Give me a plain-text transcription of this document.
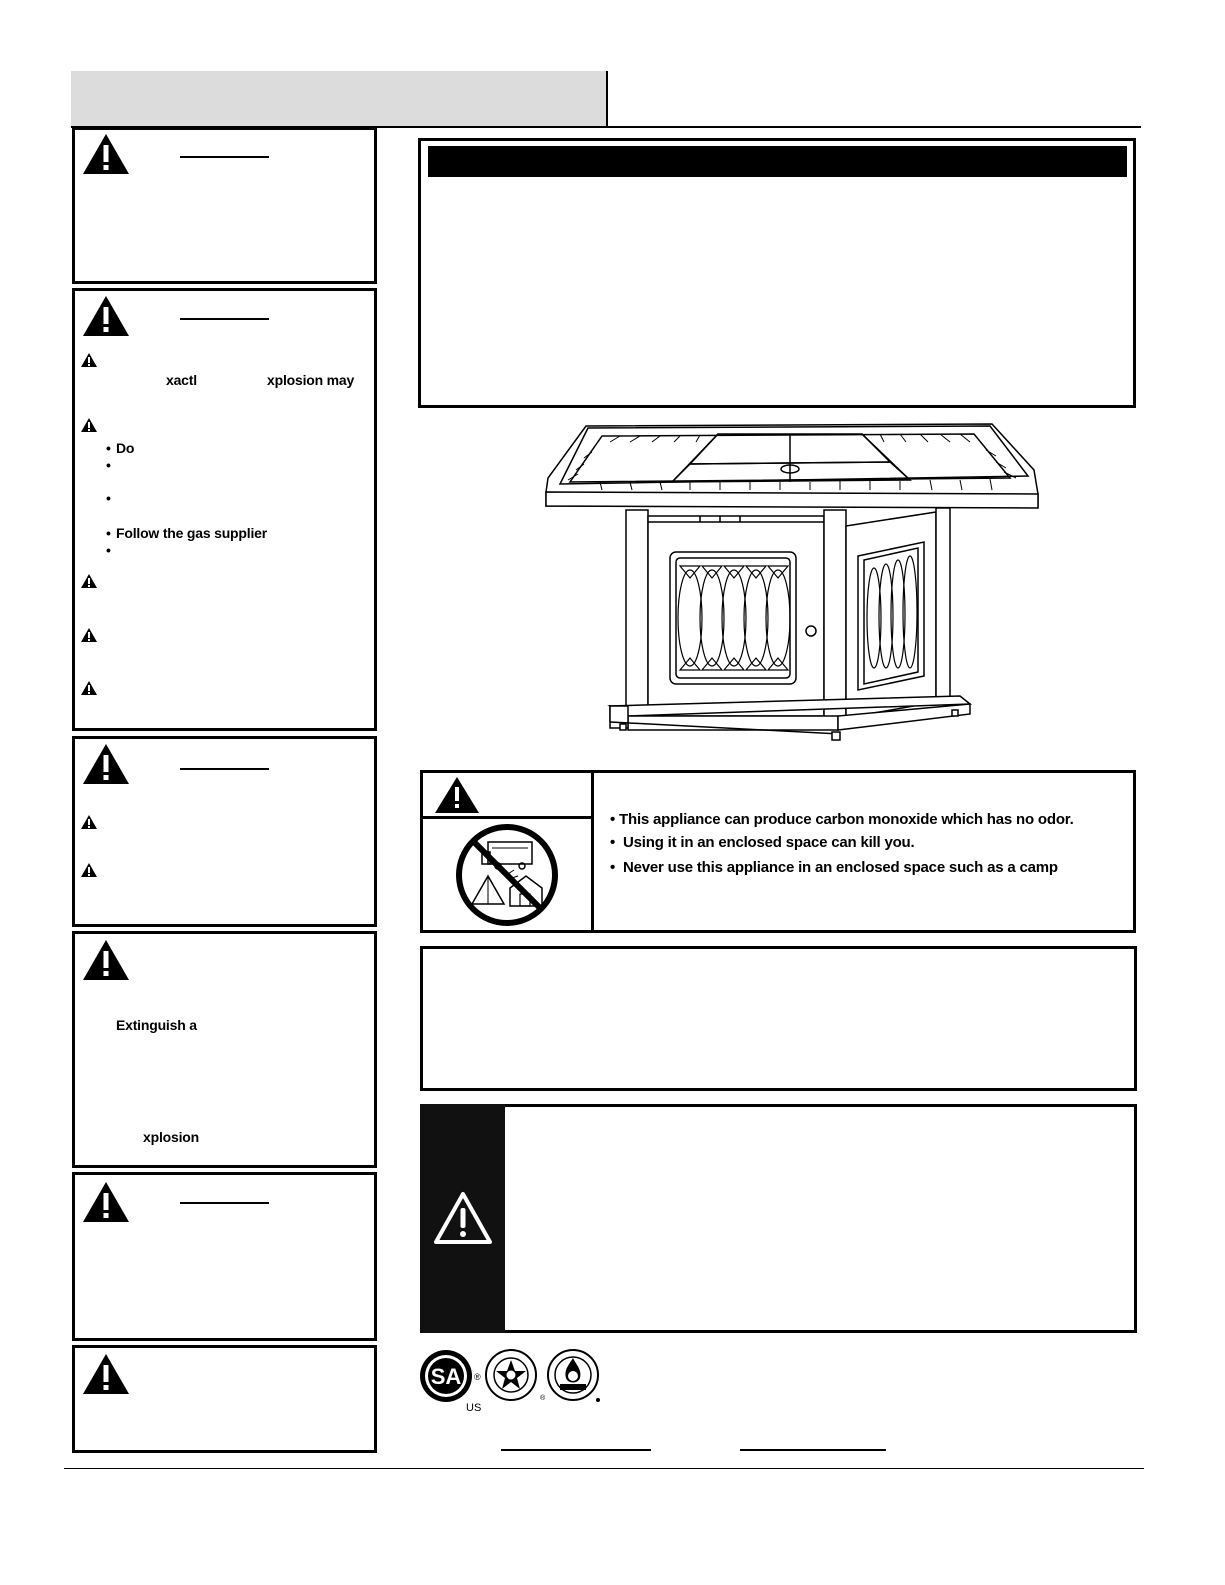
xactl	xplosion may
• Do
•
•
• Follow the gas supplier
•
Extinguish a
xplosion
• This appliance can produce carbon monoxide which has no odor.
•  Using it in an enclosed space can kill you.
•  Never use this appliance in an enclosed space such as a camp
SA ®
US
®
